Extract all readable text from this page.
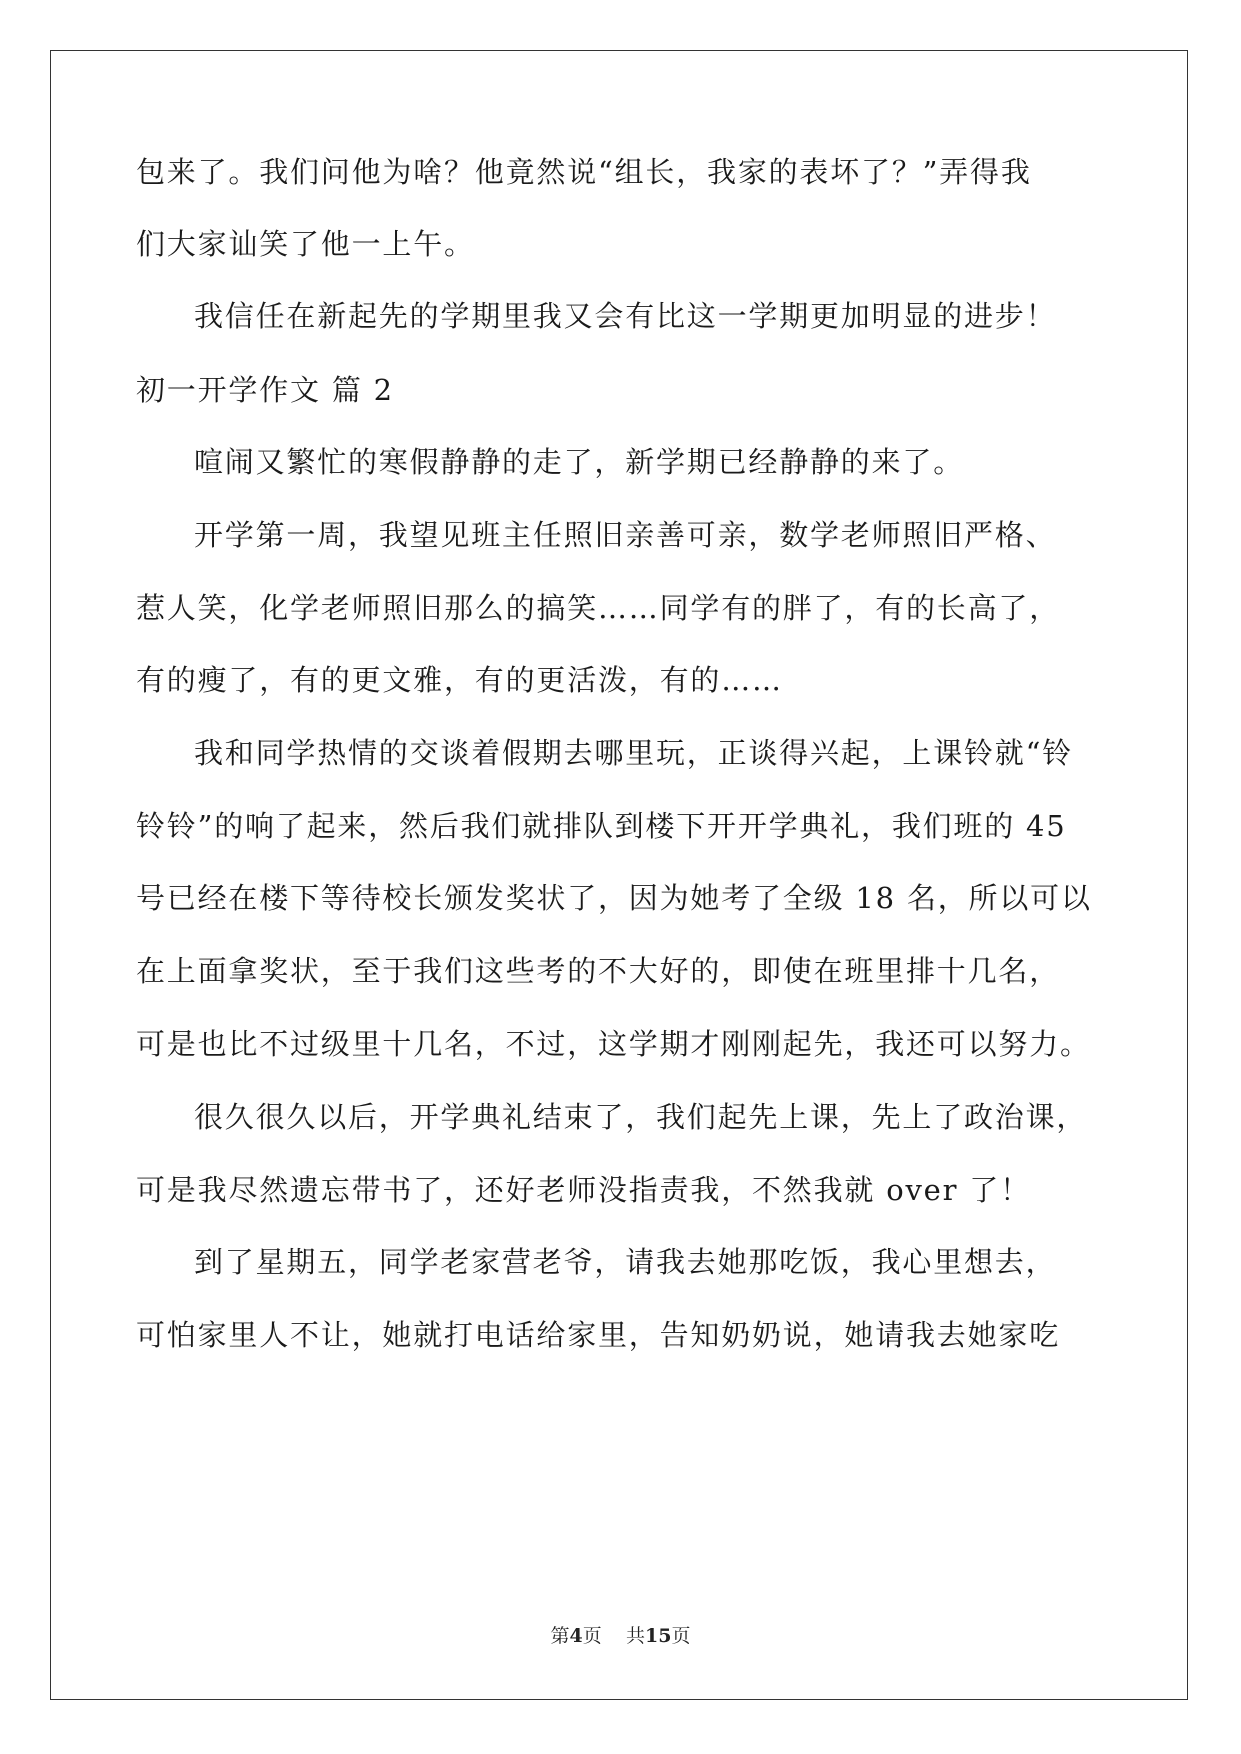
包来了。我们问他为啥？他竟然说“组长，我家的表坏了？”弄得我

们大家讪笑了他一上午。

我信任在新起先的学期里我又会有比这一学期更加明显的进步！

初一开学作文 篇 2

喧闹又繁忙的寒假静静的走了，新学期已经静静的来了。

开学第一周，我望见班主任照旧亲善可亲，数学老师照旧严格、

惹人笑，化学老师照旧那么的搞笑……同学有的胖了，有的长高了，

有的瘦了，有的更文雅，有的更活泼，有的……

我和同学热情的交谈着假期去哪里玩，正谈得兴起，上课铃就“铃

铃铃”的响了起来，然后我们就排队到楼下开开学典礼，我们班的 45

号已经在楼下等待校长颁发奖状了，因为她考了全级 18 名，所以可以

在上面拿奖状，至于我们这些考的不大好的，即使在班里排十几名，

可是也比不过级里十几名，不过，这学期才刚刚起先，我还可以努力。

很久很久以后，开学典礼结束了，我们起先上课，先上了政治课，

可是我尽然遗忘带书了，还好老师没指责我，不然我就 over 了！

到了星期五，同学老家营老爷，请我去她那吃饭，我心里想去，

可怕家里人不让，她就打电话给家里，告知奶奶说，她请我去她家吃

第4页 共15页
